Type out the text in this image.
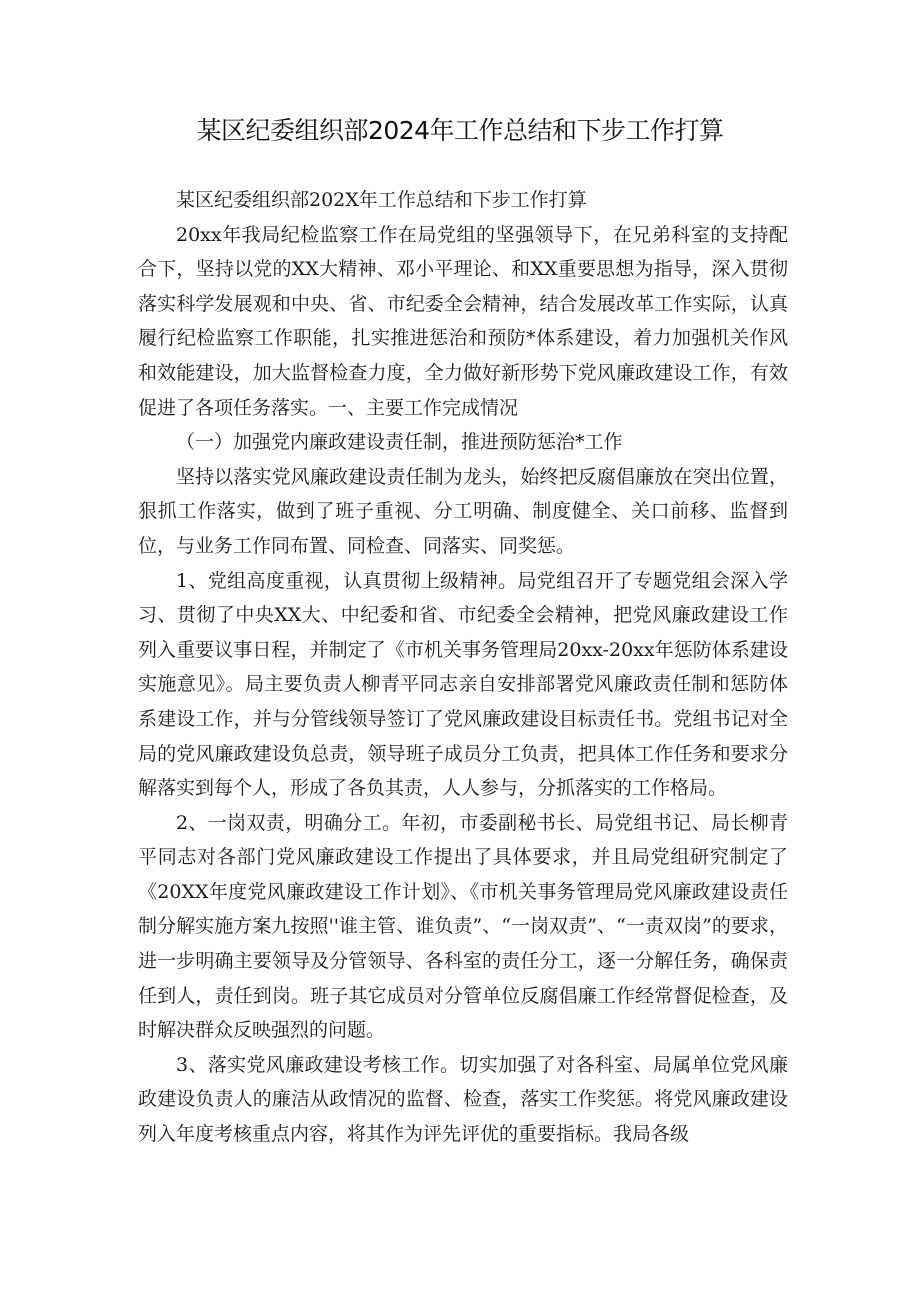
某区纪委组织部2024年工作总结和下步工作打算

某区纪委组织部202X年工作总结和下步工作打算

20xx年我局纪检监察工作在局党组的坚强领导下，在兄弟科室的支持配合下，坚持以党的XX大精神、邓小平理论、和XX重要思想为指导，深入贯彻落实科学发展观和中央、省、市纪委全会精神，结合发展改革工作实际，认真履行纪检监察工作职能，扎实推进惩治和预防*体系建设，着力加强机关作风和效能建设，加大监督检查力度，全力做好新形势下党风廉政建设工作，有效促进了各项任务落实。一、主要工作完成情况

（一）加强党内廉政建设责任制，推进预防惩治*工作

坚持以落实党风廉政建设责任制为龙头，始终把反腐倡廉放在突出位置，狠抓工作落实，做到了班子重视、分工明确、制度健全、关口前移、监督到位，与业务工作同布置、同检查、同落实、同奖惩。

1、党组高度重视，认真贯彻上级精神。局党组召开了专题党组会深入学习、贯彻了中央XX大、中纪委和省、市纪委全会精神，把党风廉政建设工作列入重要议事日程，并制定了《市机关事务管理局20xx-20xx年惩防体系建设实施意见》。局主要负责人柳青平同志亲自安排部署党风廉政责任制和惩防体系建设工作，并与分管线领导签订了党风廉政建设目标责任书。党组书记对全局的党风廉政建设负总责，领导班子成员分工负责，把具体工作任务和要求分解落实到每个人，形成了各负其责，人人参与，分抓落实的工作格局。

2、一岗双责，明确分工。年初，市委副秘书长、局党组书记、局长柳青平同志对各部门党风廉政建设工作提出了具体要求，并且局党组研究制定了《20XX年度党风廉政建设工作计划》、《市机关事务管理局党风廉政建设责任制分解实施方案九按照''谁主管、谁负责”、“一岗双责”、“一责双岗”的要求，进一步明确主要领导及分管领导、各科室的责任分工，逐一分解任务，确保责任到人，责任到岗。班子其它成员对分管单位反腐倡廉工作经常督促检查，及时解决群众反映强烈的问题。

3、落实党风廉政建设考核工作。切实加强了对各科室、局属单位党风廉政建设负责人的廉洁从政情况的监督、检查，落实工作奖惩。将党风廉政建设列入年度考核重点内容，将其作为评先评优的重要指标。我局各级
